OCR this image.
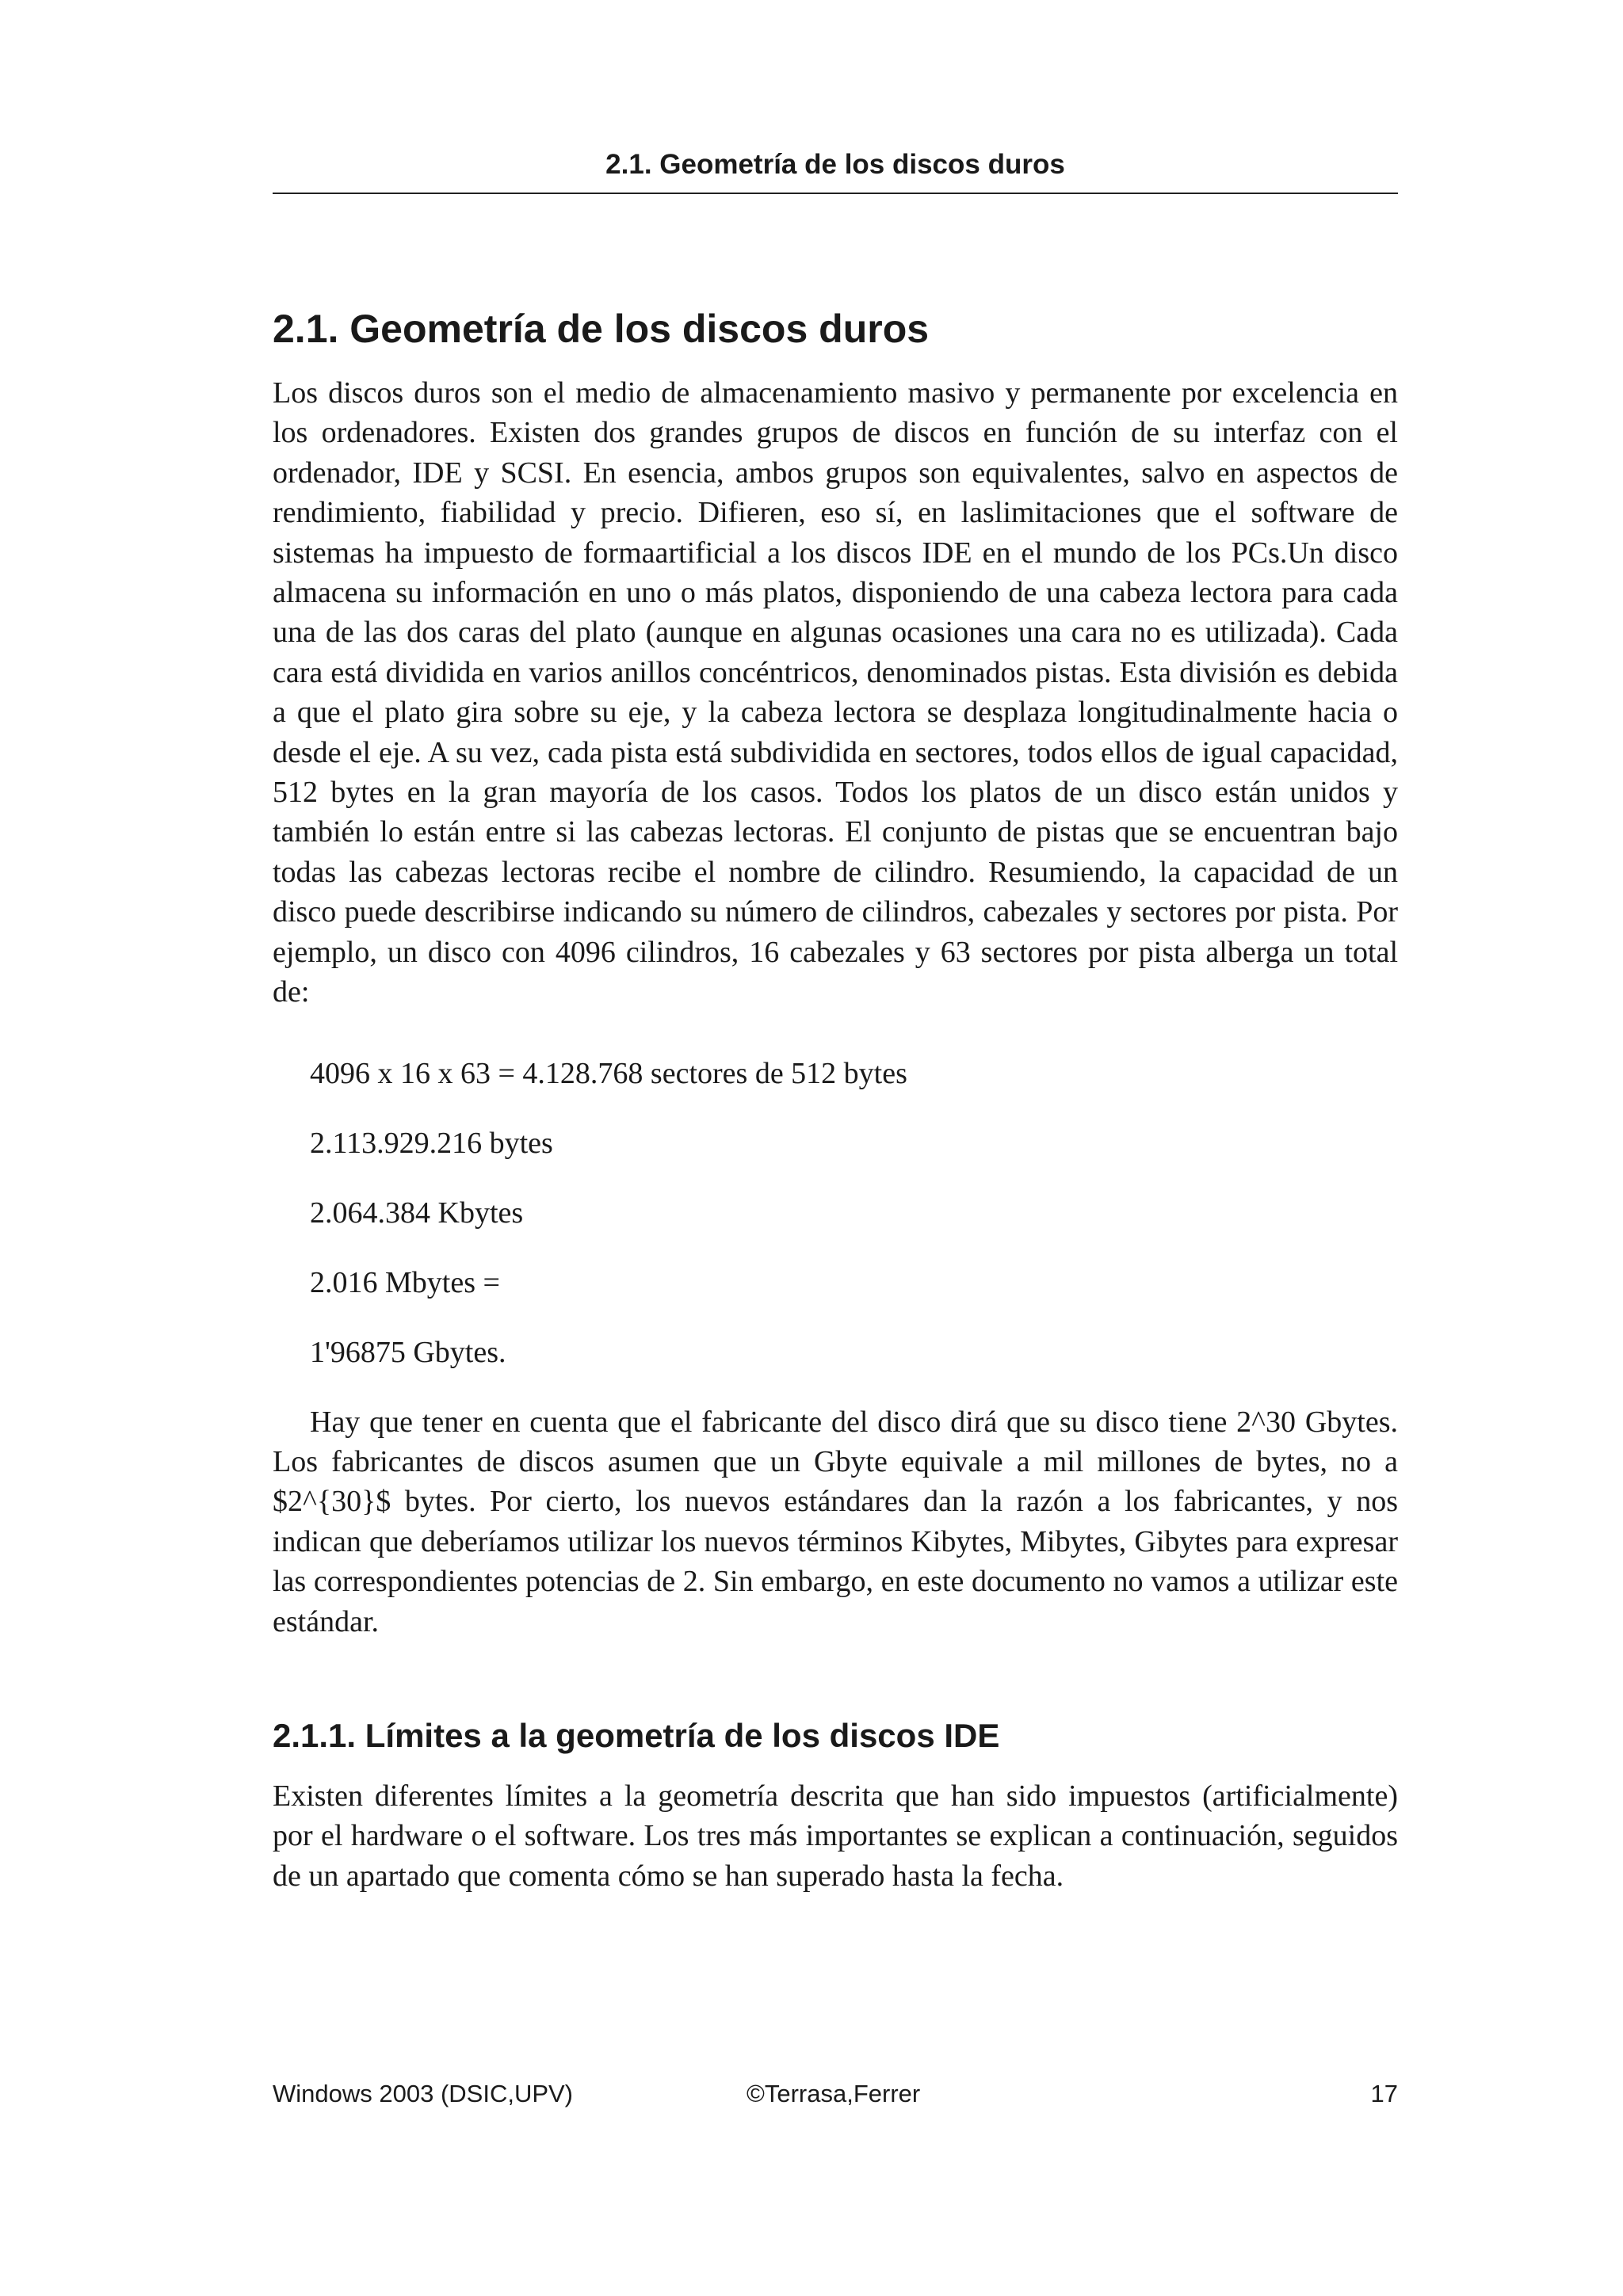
2.1. Geometría de los discos duros
2.1. Geometría de los discos duros

Los discos duros son el medio de almacenamiento masivo y permanente por excelencia en los ordenadores. Existen dos grandes grupos de discos en función de su interfaz con el ordenador, IDE y SCSI. En esencia, ambos grupos son equivalentes, salvo en aspectos de rendimiento, fiabilidad y precio. Difieren, eso sí, en laslimitaciones que el software de sistemas ha impuesto de formaartificial a los discos IDE en el mundo de los PCs.Un disco almacena su información en uno o más platos, disponiendo de una cabeza lectora para cada una de las dos caras del plato (aunque en algunas ocasiones una cara no es utilizada). Cada cara está dividida en varios anillos concéntricos, denominados pistas. Esta división es debida a que el plato gira sobre su eje, y la cabeza lectora se desplaza longitudinalmente hacia o desde el eje. A su vez, cada pista está subdividida en sectores, todos ellos de igual capacidad, 512 bytes en la gran mayoría de los casos. Todos los platos de un disco están unidos y también lo están entre si las cabezas lectoras. El conjunto de pistas que se encuentran bajo todas las cabezas lectoras recibe el nombre de cilindro. Resumiendo, la capacidad de un disco puede describirse indicando su número de cilindros, cabezales y sectores por pista. Por ejemplo, un disco con 4096 cilindros, 16 cabezales y 63 sectores por pista alberga un total de:

4096 x 16 x 63 = 4.128.768 sectores de 512 bytes
2.113.929.216 bytes
2.064.384 Kbytes
2.016 Mbytes =
1'96875 Gbytes.

Hay que tener en cuenta que el fabricante del disco dirá que su disco tiene 2^30 Gbytes. Los fabricantes de discos asumen que un Gbyte equivale a mil millones de bytes, no a $2^{30}$ bytes. Por cierto, los nuevos estándares dan la razón a los fabricantes, y nos indican que deberíamos utilizar los nuevos términos Kibytes, Mibytes, Gibytes para expresar las correspondientes potencias de 2. Sin embargo, en este documento no vamos a utilizar este estándar.

2.1.1. Límites a la geometría de los discos IDE

Existen diferentes límites a la geometría descrita que han sido impuestos (artificialmente) por el hardware o el software. Los tres más importantes se explican a continuación, seguidos de un apartado que comenta cómo se han superado hasta la fecha.

Windows 2003 (DSIC,UPV)	©Terrasa,Ferrer	17
